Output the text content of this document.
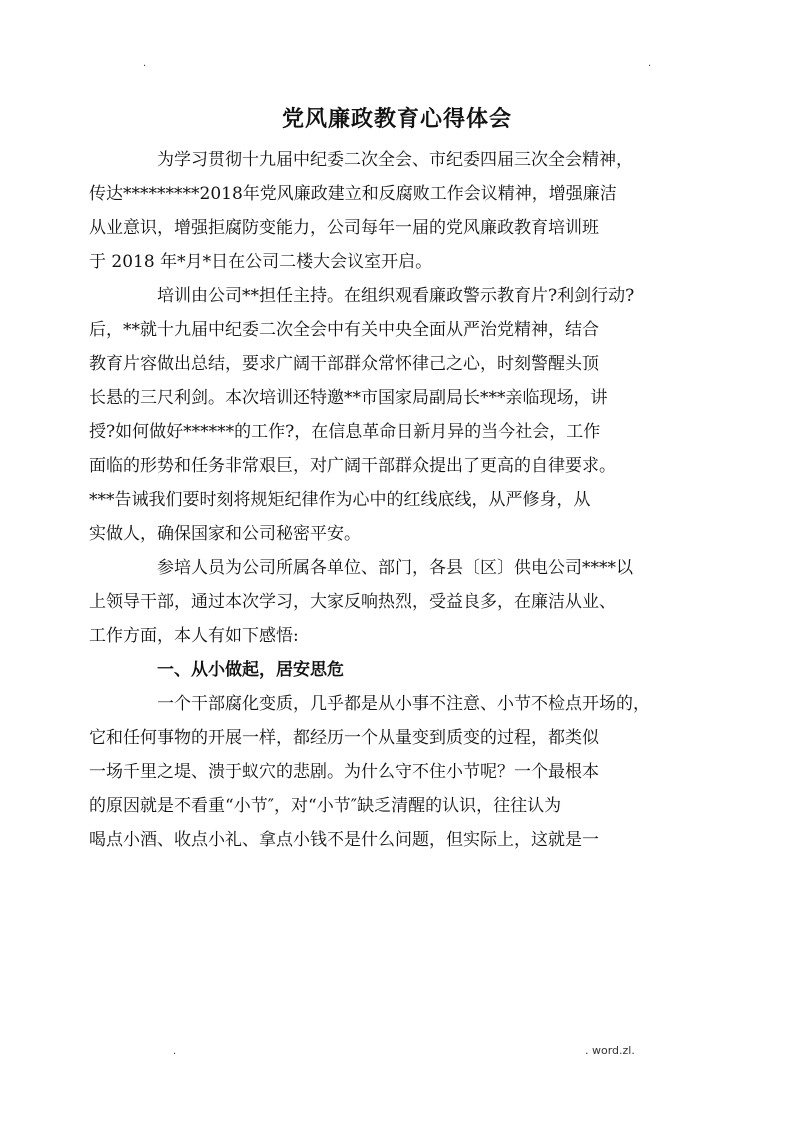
.	.
党风廉政教育心得体会

为学习贯彻十九届中纪委二次全会、市纪委四届三次全会精神，
传达*********2018年党风廉政建立和反腐败工作会议精神，增强廉洁
从业意识，增强拒腐防变能力，公司每年一届的党风廉政教育培训班
于 2018 年*月*日在公司二楼大会议室开启。

培训由公司**担任主持。在组织观看廉政警示教育片?利剑行动?
后，**就十九届中纪委二次全会中有关中央全面从严治党精神，结合
教育片容做出总结，要求广阔干部群众常怀律己之心，时刻警醒头顶
长悬的三尺利剑。本次培训还特邀**市国家局副局长***亲临现场，讲
授?如何做好******的工作?，在信息革命日新月异的当今社会，工作
面临的形势和任务非常艰巨，对广阔干部群众提出了更高的自律要求。
***告诫我们要时刻将规矩纪律作为心中的红线底线，从严修身，从
实做人，确保国家和公司秘密平安。

参培人员为公司所属各单位、部门，各县〔区〕供电公司****以
上领导干部，通过本次学习，大家反响热烈，受益良多，在廉洁从业、
工作方面，本人有如下感悟:

一、从小做起，居安思危

一个干部腐化变质，几乎都是从小事不注意、小节不检点开场的，
它和任何事物的开展一样，都经历一个从量变到质变的过程，都类似
一场千里之堤、溃于蚁穴的悲剧。为什么守不住小节呢？一个最根本
的原因就是不看重“小节″，对“小节″缺乏清醒的认识，往往认为
喝点小酒、收点小礼、拿点小钱不是什么问题，但实际上，这就是一

.	. word.zl.
